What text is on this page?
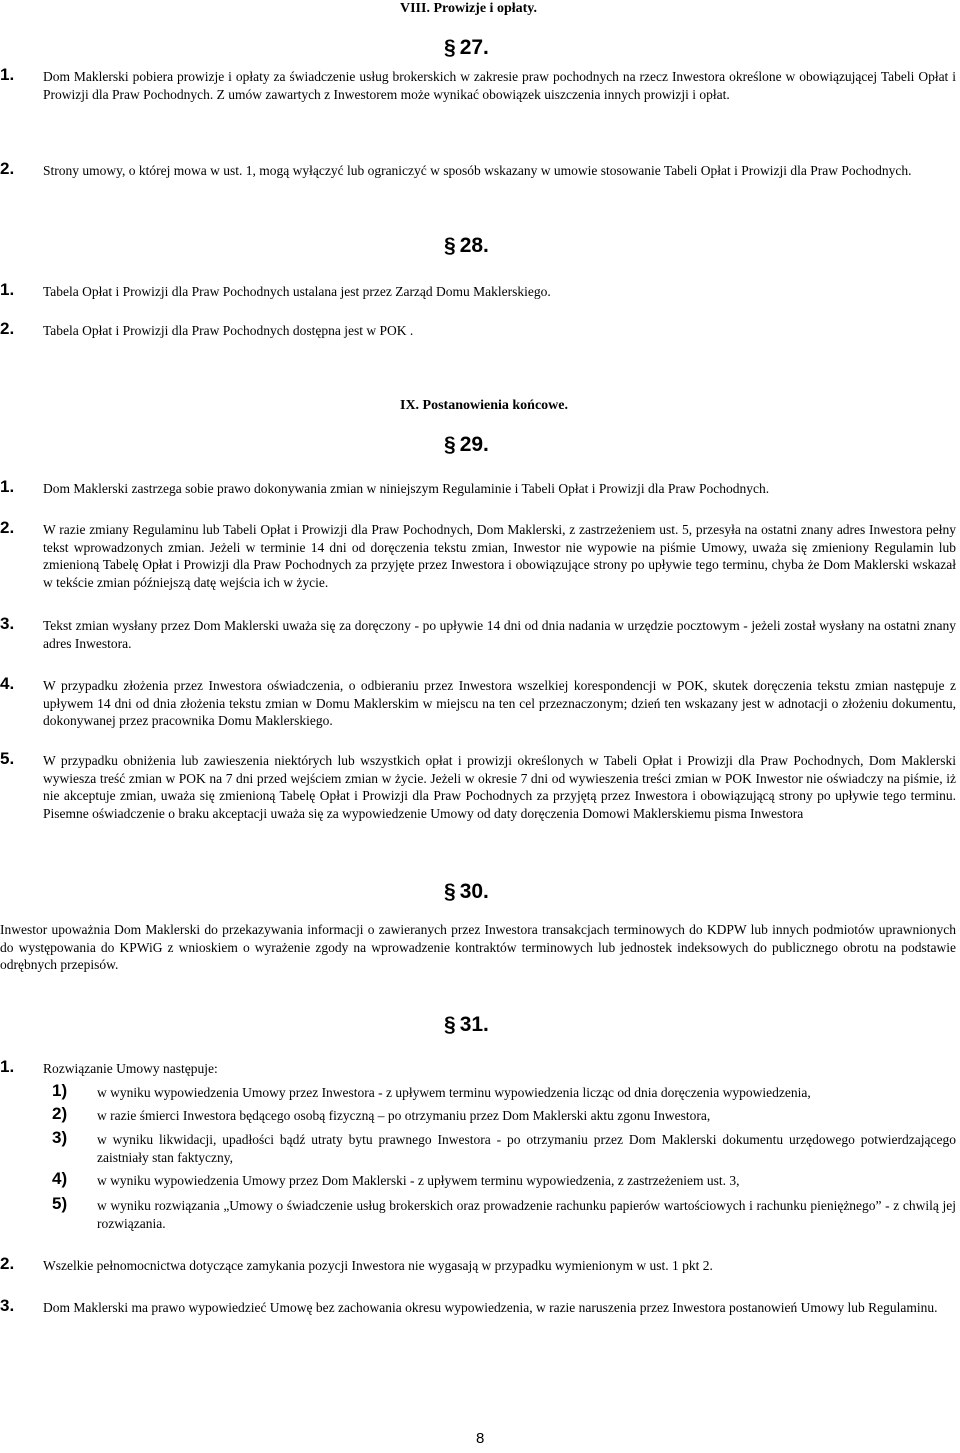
VIII. Prowizje i opłaty.
§ 27.
1. Dom Maklerski pobiera prowizje i opłaty za świadczenie usług brokerskich w zakresie praw pochodnych na rzecz Inwestora określone w obowiązującej Tabeli Opłat i Prowizji dla Praw Pochodnych. Z umów zawartych z Inwestorem może wynikać obowiązek uiszczenia innych prowizji i opłat.
2. Strony umowy, o której mowa w ust. 1, mogą wyłączyć lub ograniczyć w sposób wskazany w umowie stosowanie Tabeli Opłat i Prowizji dla Praw Pochodnych.
§ 28.
1. Tabela Opłat i Prowizji dla Praw Pochodnych ustalana jest przez Zarząd Domu Maklerskiego.
2. Tabela Opłat i Prowizji dla Praw Pochodnych dostępna jest w POK .
IX. Postanowienia końcowe.
§ 29.
1. Dom Maklerski zastrzega sobie prawo dokonywania zmian w niniejszym Regulaminie i Tabeli Opłat i Prowizji dla Praw Pochodnych.
2. W razie zmiany Regulaminu lub Tabeli Opłat i Prowizji dla Praw Pochodnych, Dom Maklerski, z zastrzeżeniem ust. 5, przesyła na ostatni znany adres Inwestora pełny tekst wprowadzonych zmian. Jeżeli w terminie 14 dni od doręczenia tekstu zmian, Inwestor nie wypowie na piśmie Umowy, uważa się zmieniony Regulamin lub zmienioną Tabelę Opłat i Prowizji dla Praw Pochodnych za przyjęte przez Inwestora i obowiązujące strony po upływie tego terminu, chyba że Dom Maklerski wskazał w tekście zmian późniejszą datę wejścia ich w życie.
3. Tekst zmian wysłany przez Dom Maklerski uważa się za doręczony - po upływie 14 dni od dnia nadania w urzędzie pocztowym - jeżeli został wysłany na ostatni znany adres Inwestora.
4. W przypadku złożenia przez Inwestora oświadczenia, o odbieraniu przez Inwestora wszelkiej korespondencji w POK, skutek doręczenia tekstu zmian następuje z upływem 14 dni od dnia złożenia tekstu zmian w Domu Maklerskim w miejscu na ten cel przeznaczonym; dzień ten wskazany jest w adnotacji o złożeniu dokumentu, dokonywanej przez pracownika Domu Maklerskiego.
5. W przypadku obniżenia lub zawieszenia niektórych lub wszystkich opłat i prowizji określonych w Tabeli Opłat i Prowizji dla Praw Pochodnych, Dom Maklerski wywiesza treść zmian w POK na 7 dni przed wejściem zmian w życie. Jeżeli w okresie 7 dni od wywieszenia treści zmian w POK Inwestor nie oświadczy na piśmie, iż nie akceptuje zmian, uważa się zmienioną Tabelę Opłat i Prowizji dla Praw Pochodnych za przyjętą przez Inwestora i obowiązującą strony po upływie tego terminu. Pisemne oświadczenie o braku akceptacji uważa się za wypowiedzenie Umowy od daty doręczenia Domowi Maklerskiemu pisma Inwestora
§ 30.
Inwestor upoważnia Dom Maklerski do przekazywania informacji o zawieranych przez Inwestora transakcjach terminowych do KDPW lub innych podmiotów uprawnionych do występowania do KPWiG z wnioskiem o wyrażenie zgody na wprowadzenie kontraktów terminowych lub jednostek indeksowych do publicznego obrotu na podstawie odrębnych przepisów.
§ 31.
1. Rozwiązanie Umowy następuje:
1) w wyniku wypowiedzenia Umowy przez Inwestora - z upływem terminu wypowiedzenia licząc od dnia doręczenia wypowiedzenia,
2) w razie śmierci Inwestora będącego osobą fizyczną – po otrzymaniu przez Dom Maklerski aktu zgonu Inwestora,
3) w wyniku likwidacji, upadłości bądź utraty bytu prawnego Inwestora - po otrzymaniu przez Dom Maklerski dokumentu urzędowego potwierdzającego zaistniały stan faktyczny,
4) w wyniku wypowiedzenia Umowy przez Dom Maklerski - z upływem terminu wypowiedzenia, z zastrzeżeniem ust. 3,
5) w wyniku rozwiązania „Umowy o świadczenie usług brokerskich oraz prowadzenie rachunku papierów wartościowych i rachunku pieniężnego” - z chwilą jej rozwiązania.
2. Wszelkie pełnomocnictwa dotyczące zamykania pozycji Inwestora nie wygasają w przypadku wymienionym w ust. 1 pkt 2.
3. Dom Maklerski ma prawo wypowiedzieć Umowę bez zachowania okresu wypowiedzenia, w razie naruszenia przez Inwestora postanowień Umowy lub Regulaminu.
8
